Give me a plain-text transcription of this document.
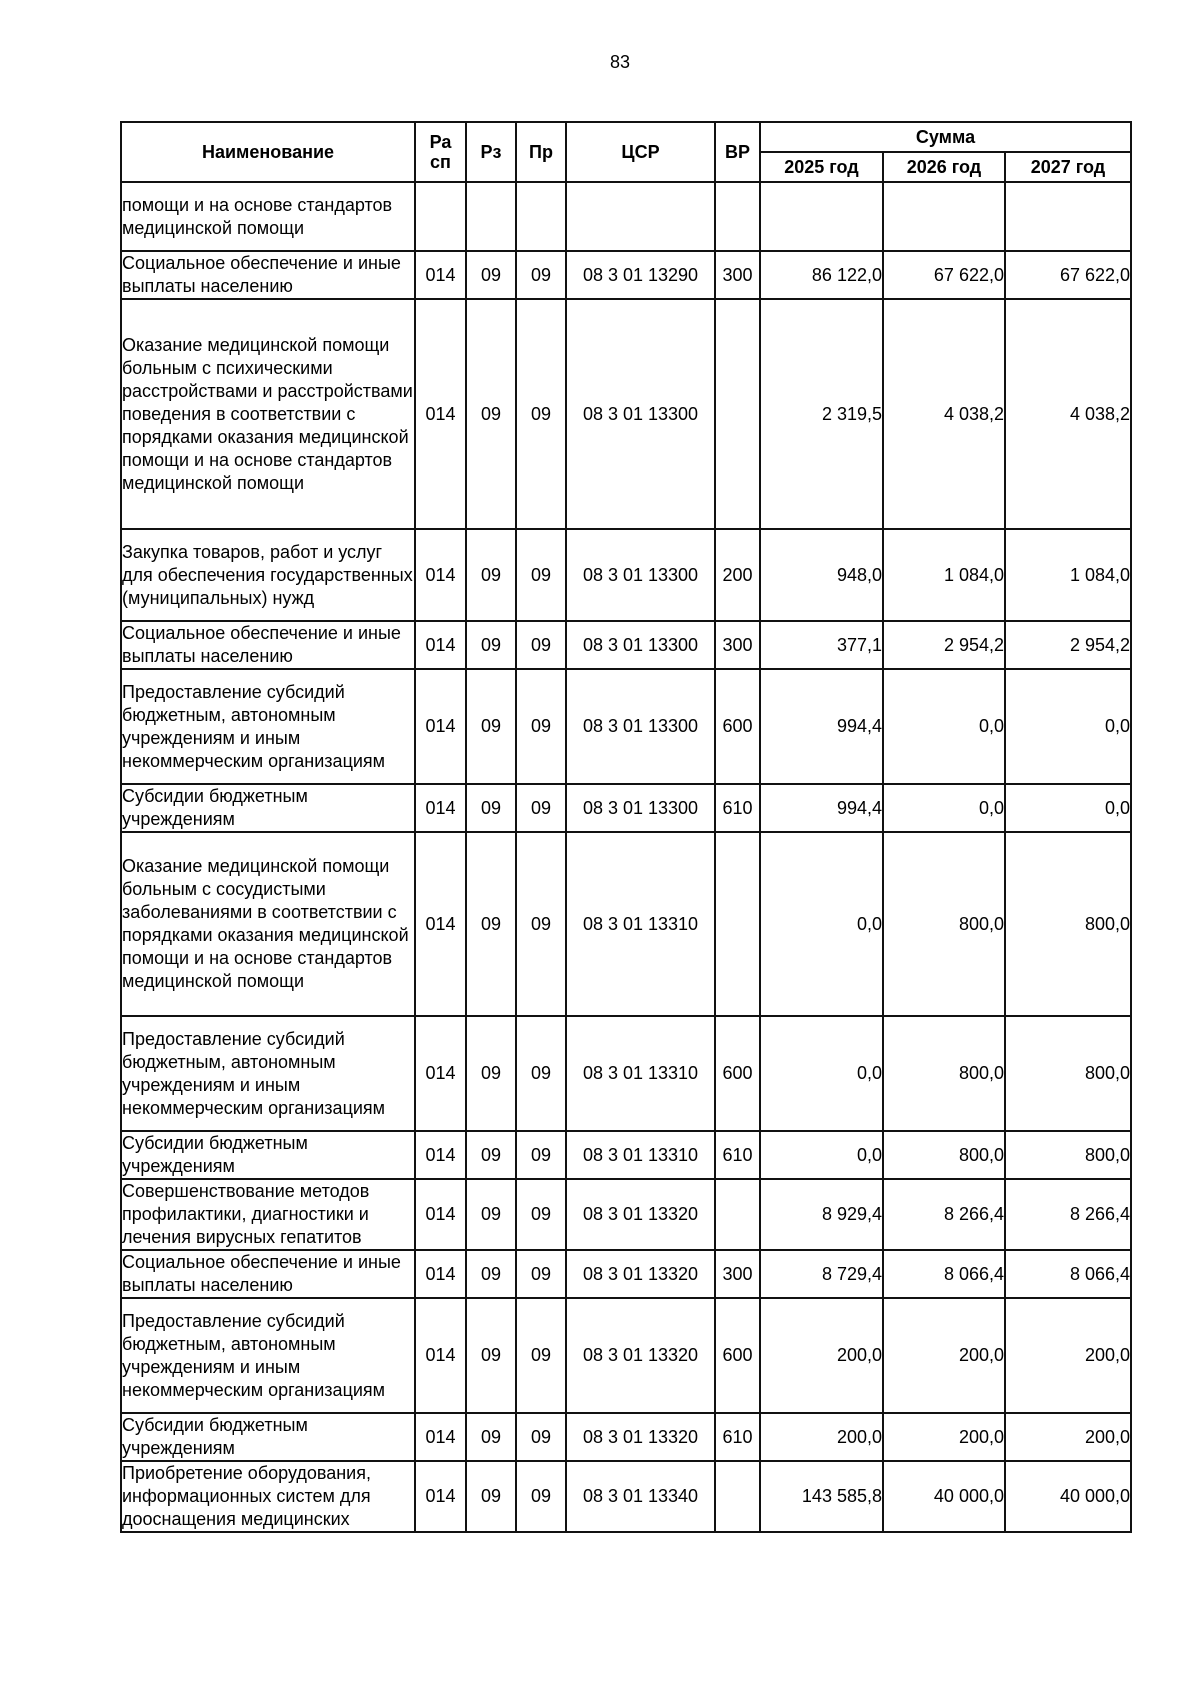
83
Наименование	Ра
сп	Рз	Пр	ЦСР	ВР	Сумма		
						2025 год	2026 год	2027 год
помощи и на основе стандартов медицинской помощи								
Социальное обеспечение и иные выплаты населению	014	09	09	08 3 01 13290	300	86 122,0	67 622,0	67 622,0
Оказание медицинской помощи больным с психическими расстройствами и расстройствами поведения в соответствии с порядками оказания медицинской помощи и на основе стандартов медицинской помощи	014	09	09	08 3 01 13300		2 319,5	4 038,2	4 038,2
Закупка товаров, работ и услуг для обеспечения государственных (муниципальных) нужд	014	09	09	08 3 01 13300	200	948,0	1 084,0	1 084,0
Социальное обеспечение и иные выплаты населению	014	09	09	08 3 01 13300	300	377,1	2 954,2	2 954,2
Предоставление субсидий бюджетным, автономным учреждениям и иным некоммерческим организациям	014	09	09	08 3 01 13300	600	994,4	0,0	0,0
Субсидии бюджетным учреждениям	014	09	09	08 3 01 13300	610	994,4	0,0	0,0
Оказание медицинской помощи больным с сосудистыми заболеваниями в соответствии с порядками оказания медицинской помощи и на основе стандартов медицинской помощи	014	09	09	08 3 01 13310		0,0	800,0	800,0
Предоставление субсидий бюджетным, автономным учреждениям и иным некоммерческим организациям	014	09	09	08 3 01 13310	600	0,0	800,0	800,0
Субсидии бюджетным учреждениям	014	09	09	08 3 01 13310	610	0,0	800,0	800,0
Совершенствование методов профилактики, диагностики и лечения вирусных гепатитов	014	09	09	08 3 01 13320		8 929,4	8 266,4	8 266,4
Социальное обеспечение и иные выплаты населению	014	09	09	08 3 01 13320	300	8 729,4	8 066,4	8 066,4
Предоставление субсидий бюджетным, автономным учреждениям и иным некоммерческим организациям	014	09	09	08 3 01 13320	600	200,0	200,0	200,0
Субсидии бюджетным учреждениям	014	09	09	08 3 01 13320	610	200,0	200,0	200,0
Приобретение оборудования, информационных систем для дооснащения медицинских	014	09	09	08 3 01 13340		143 585,8	40 000,0	40 000,0
